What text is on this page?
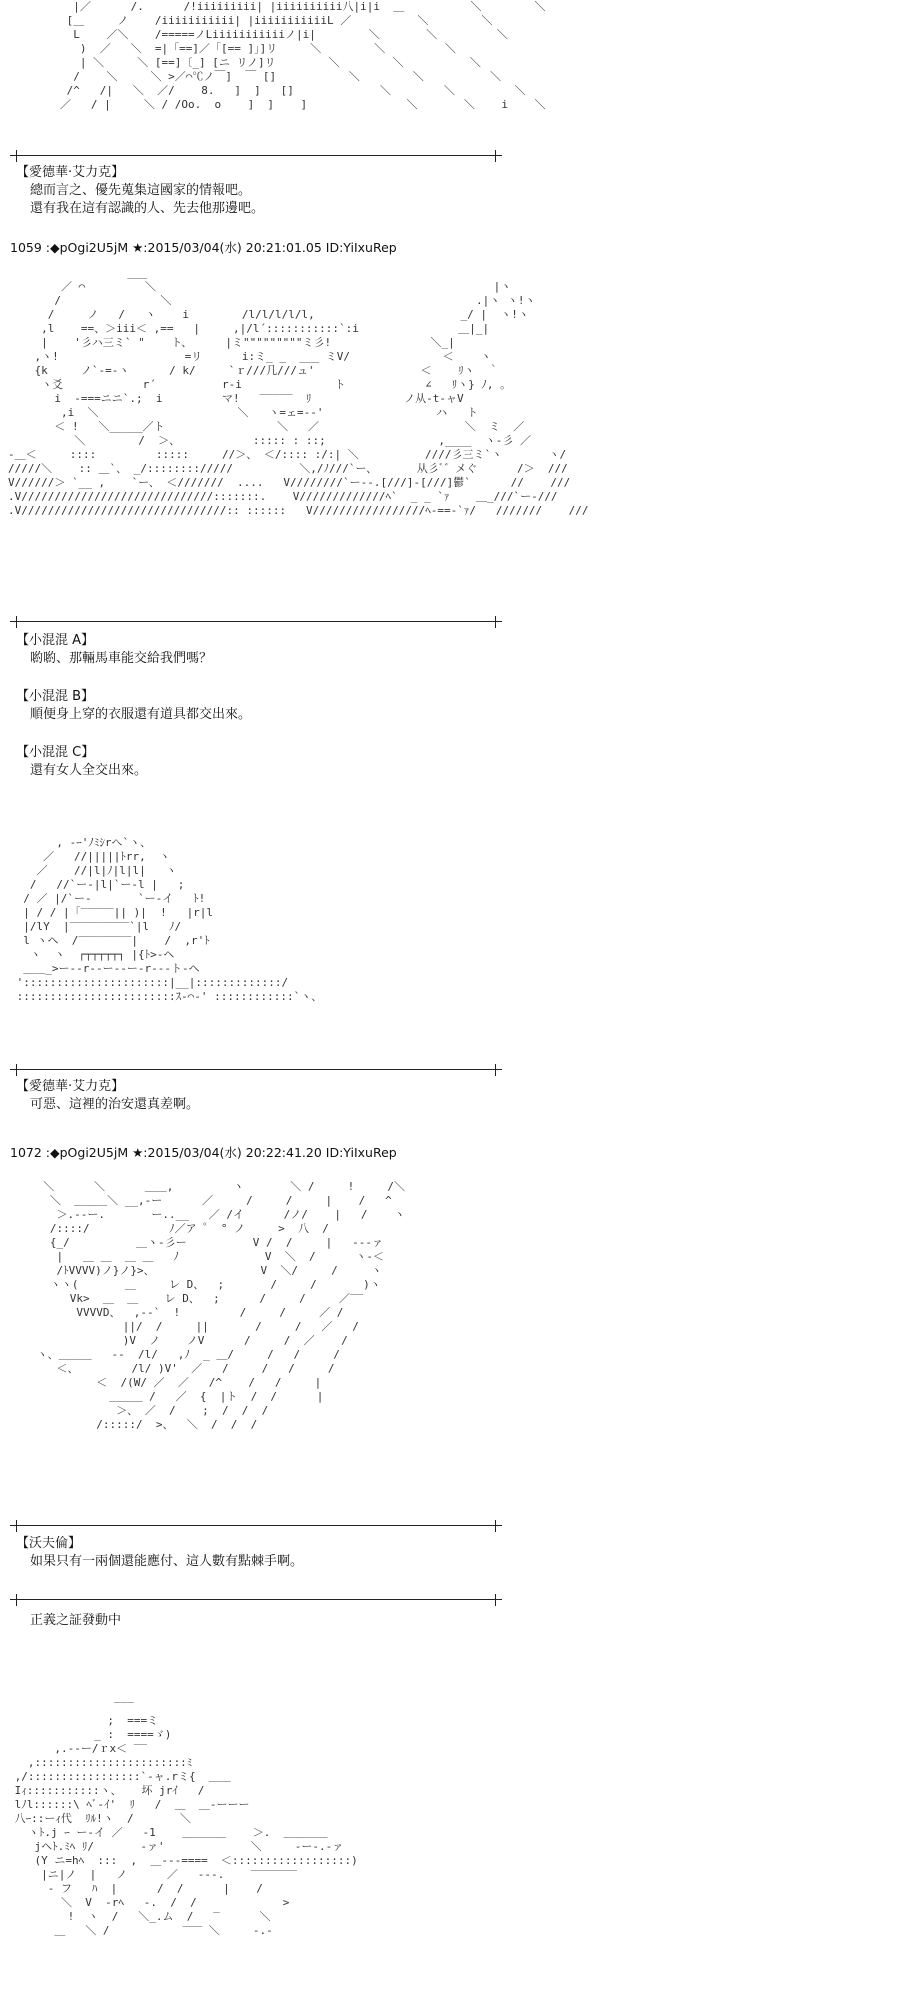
|／      /.      /!iiiiiiiii| |iiiiiiiiii八|i|i  ＿          ＼        ＼
[＿     ノ    /iiiiiiiiiii| |iiiiiiiiiiiL ／          ＼        ＼
L    ／＼    /=====ノLiiiiiiiiiiiノ|i|        ＼       ＼         ＼
)  ／   ＼  =|「==]／「[== ]」]リ     ＼        ＼         ＼
| ＼     ＼ [==]〔_] [ニ リノ]リ        ＼        ＼          ＼
/    ＼     ＼ >／⌒℃ノ￣]  ￣ []           ＼        ＼          ＼
/^   /|   ＼  ／/    8.   ]  ]   []             ＼        ＼         ＼
／   / |     ＼ / /Oo.  o    ]  ]    ]               ＼       ＼    i    ＼
【愛德華·艾力克】
總而言之、優先蒐集這國家的情報吧。
還有我在這有認識的人、先去他那邊吧。
1059 :◆pOgi2U5jM ★:2015/03/04(水) 20:21:01.05 ID:YiIxuRep
___
／ ⌒         ＼                                                   |ヽ
/               ＼                                              .|ヽ ヽ!ヽ
/     ノ   /   ヽ    i        /l/l/l/l/l,                      _/ |  ヽ!ヽ
,l    ==、＞iii＜ ,==   |     ,|/l´:::::::::::`:i               ＿|_|
|    '彡ハ三ミ` "    ト、     |ミ"""""""""ミ彡!               ＼_|
,ヽ!                   =リ      i:ミ_ _  ___ ミV/              ＜    ヽ
{k     ノ`-=-ヽ      / k/     `ｒ///几///ュ'                ＜    ﾘヽ  ｀
ヽ爻            r´          r-i              ト            ∠   ﾘヽ} ﾉ, 。
i  -===ニニ`.;  i         マ!   ‾‾‾‾‾  ﾘ              ノ从-t-ャV
,i  ＼                     ＼   ヽ=ェ=--'                 ハ   ト
＜ !   ＼_____／ト                 ＼   ／                      ＼  ミ  ／
＼        /  ＞、           ::::: : ::;                 ,____  ヽ-彡 ／
-＿＜     ::::         :::::     //＞、 ＜/:::: :/:| ＼          ////彡三ミ`ヽ       ヽ/
/////＼    :: ＿`、 _/:::::::://///          ＼,/ﾉ///`ー、      从彡ﾞ゛メぐ      /＞  ///
V//////＞ `__ ,    `ー、 ＜///////  ....   V////////`ー--.[///]-[///]鬱`      //    ///
.V/////////////////////////////:::::::.    V/////////////ﾍ`  _ _ `ｧ    ＿_///`ー-///
.V///////////////////////////////:: ::::::   V/////////////////ﾍ-==-`ｧ/   ///////    ///
【小混混 A】
喲喲、那輛馬車能交給我們嗎？
【小混混 B】
順便身上穿的衣服還有道具都交出來。
【小混混 C】
還有女人全交出來。
, -ｰ'ﾉﾐｼrへ`ヽ、
／   //|||||ﾄrr,  ヽ
／    //|l|ﾉ|l|l|   ヽ
/   //`ー-|l|`ー-l |   ;
/ ／ |/`ー-       `ー-イ   ﾄ!
| / / |「‾‾‾‾‾|| )|  !   |r|l
|/lY  |‾‾‾‾‾‾‾‾‾`|l   ﾉ/
l ヽヘ  /‾‾‾‾‾‾‾‾|    /  ,r'ﾄ
ヽ  ヽ  ┌┬┬┬┬┬┐ |{ﾄ>-ヘ
＿＿_>ー‐-r‐‐ー‐‐ー‐r‐-‐ト-ヘ
'::::::::::::::::::::::|__|:::::::::::::/
::::::::::::::::::::::::ｽ-⌒-' ::::::::::::`ヽ、
【愛德華·艾力克】
可惡、這裡的治安還真差啊。
1072 :◆pOgi2U5jM ★:2015/03/04(水) 20:22:41.20 ID:YiIxuRep
＼      ＼      ＿＿,         ヽ       ＼ /     !     /＼
＼  ＿＿＿＼ __,‐ー      ／     /     /     |    /   ^
＞.‐‐ー.       ー..__   ／ /イ      /ノ/    |   /    ヽ
/::::/            ﾉ／ア ゜ ° ノ     >  八  /
{_/          ＿ヽ-彡ー          V /  /     |   ‐‐-ァ
|   ＿ ＿  ＿ ＿   ﾉ             V  ＼  /      ヽ-＜
/ﾄVVVV)ノ}ノ}>、                V  ＼/     /     ヽ
ヽヽ(       ＿     レ D、  ;       /     /       )ヽ
Vk>  ＿  ＿    レ D、  ;      /     /     ／‾‾
VVVVD、  ,--`  !         /     /     ／ /
||/  /     ||       /     /   ／   /
)V  ノ    ノV      /     /  ／    /
ヽ、＿＿＿   ‐-  /l/   ,ﾉ  _ ＿/     /   /     /
＜、        /l/ )V'  ／   /     /   /     /
＜  /(W/ ／  ／   /^    /   /     |
＿＿＿ /   ／  {  |ト  /  /      |
＞、 ／  /    ;  /  /  /
/:::::/  >、  ＼  /  /  /
【沃夫倫】
如果只有一兩個還能應付、這人數有點棘手啊。
正義之証發動中
‾‾‾
;  ===ミ
_ :  ====ゞ)
,.‐‐ー/ｒx＜ ‾‾
,:::::::::::::::::::::::ﾐ
,/:::::::::::::::::`-ャ.rミ{  ＿＿
Iｨ:::::::::::ヽ、   坏 jrｲ   /
lﾉl::::::\ ﾍﾞ-ｲ'  ﾘ   /  ＿  ＿‐ーーー
八ｰ::ーｨ代  ﾘﾙ!ヽ  /       ＼
ヽﾄ.j ｰ ー-イ ／   -1    ＿＿＿＿    ＞.  ＿＿＿＿
jヘﾄ.ﾐﾍ ﾘ/       ‐ァ'             ＼     ‐ー‐.‐ァ
(Y ニ=hﾍ  :::  ,  ＿‐-‐====  ＜::::::::::::::::::)
|ニ|ノ  |   ノ      ／   ‐‐‐.    ‾‾‾‾‾‾‾
‐ フ   ﾊ  |      /  /      |    /
＼  V  -rﾍ   ‐.  /  /             >
!  ヽ  /   ＼_.ム  /   ‾      ＼
＿   ＼ /           ‾‾‾ ＼     ‐.‐
